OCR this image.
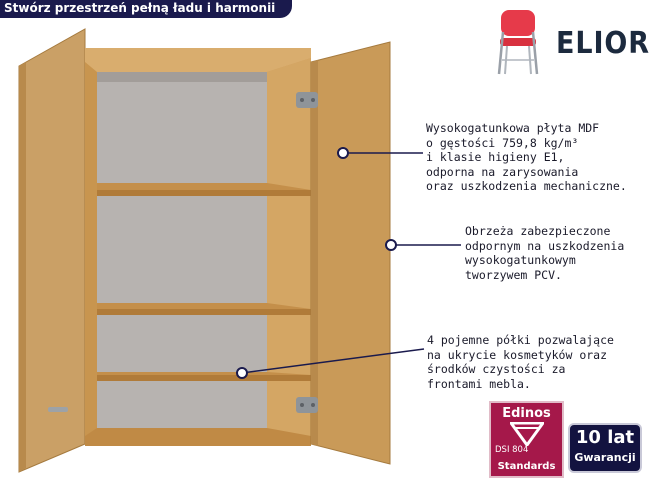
Stwórz przestrzeń pełną ładu i harmonii
ELIOR
Wysokogatunkowa płyta MDF
o gęstości 759,8 kg/m³
i klasie higieny E1,
odporna na zarysowania
oraz uszkodzenia mechaniczne.
Obrzeża zabezpieczone
odpornym na uszkodzenia
wysokogatunkowym
tworzywem PCV.
4 pojemne półki pozwalające
na ukrycie kosmetyków oraz
środków czystości za
frontami mebla.
Edinos
DSI 804
Standards
10 lat
Gwarancji
